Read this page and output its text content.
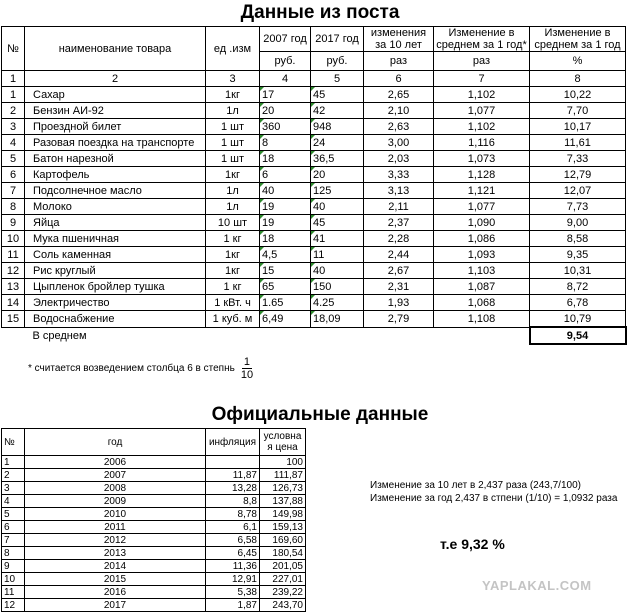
Данные из поста
№	наименование товара	ед .изм	2007 год	2017 год	изменения за 10 лет	Изменение в среднем за 1 год*	Изменение в среднем за 1 год
			руб.	руб.	раз	раз	%
1	2	3	4	5	6	7	8
1	Сахар	1кг	17	45	2,65	1,102	10,22
2	Бензин АИ-92	1л	20	42	2,10	1,077	7,70
3	Проездной билет	1 шт	360	948	2,63	1,102	10,17
4	Разовая поездка на транспорте	1 шт	8	24	3,00	1,116	11,61
5	Батон нарезной	1 шт	18	36,5	2,03	1,073	7,33
6	Картофель	1кг	6	20	3,33	1,128	12,79
7	Подсолнечное масло	1л	40	125	3,13	1,121	12,07
8	Молоко	1л	19	40	2,11	1,077	7,73
9	Яйца	10 шт	19	45	2,37	1,090	9,00
10	Мука пшеничная	1 кг	18	41	2,28	1,086	8,58
11	Соль каменная	1кг	4,5	11	2,44	1,093	9,35
12	Рис круглый	1кг	15	40	2,67	1,103	10,31
13	Цыпленок бройлер тушка	1 кг	65	150	2,31	1,087	8,72
14	Электричество	1 кВт. ч	1.65	4.25	1,93	1,068	6,78
15	Водоснабжение	1 куб. м	6,49	18,09	2,79	1,108	10,79
	В среднем						9,54
* считается возведением столбца 6 в степнь $\frac{1}{10}$
Официальные данные
№	год	инфляция	условна я цена
1	2006		100
2	2007	11,87	111,87
3	2008	13,28	126,73
4	2009	8,8	137,88
5	2010	8,78	149,98
6	2011	6,1	159,13
7	2012	6,58	169,60
8	2013	6,45	180,54
9	2014	11,36	201,05
10	2015	12,91	227,01
11	2016	5,38	239,22
12	2017	1,87	243,70
Изменение за 10 лет в 2,437 раза (243,7/100)
Изменение за год 2,437 в стпени (1/10) = 1,0932 раза
т.е 9,32 %
YAPLAKAL.COM
